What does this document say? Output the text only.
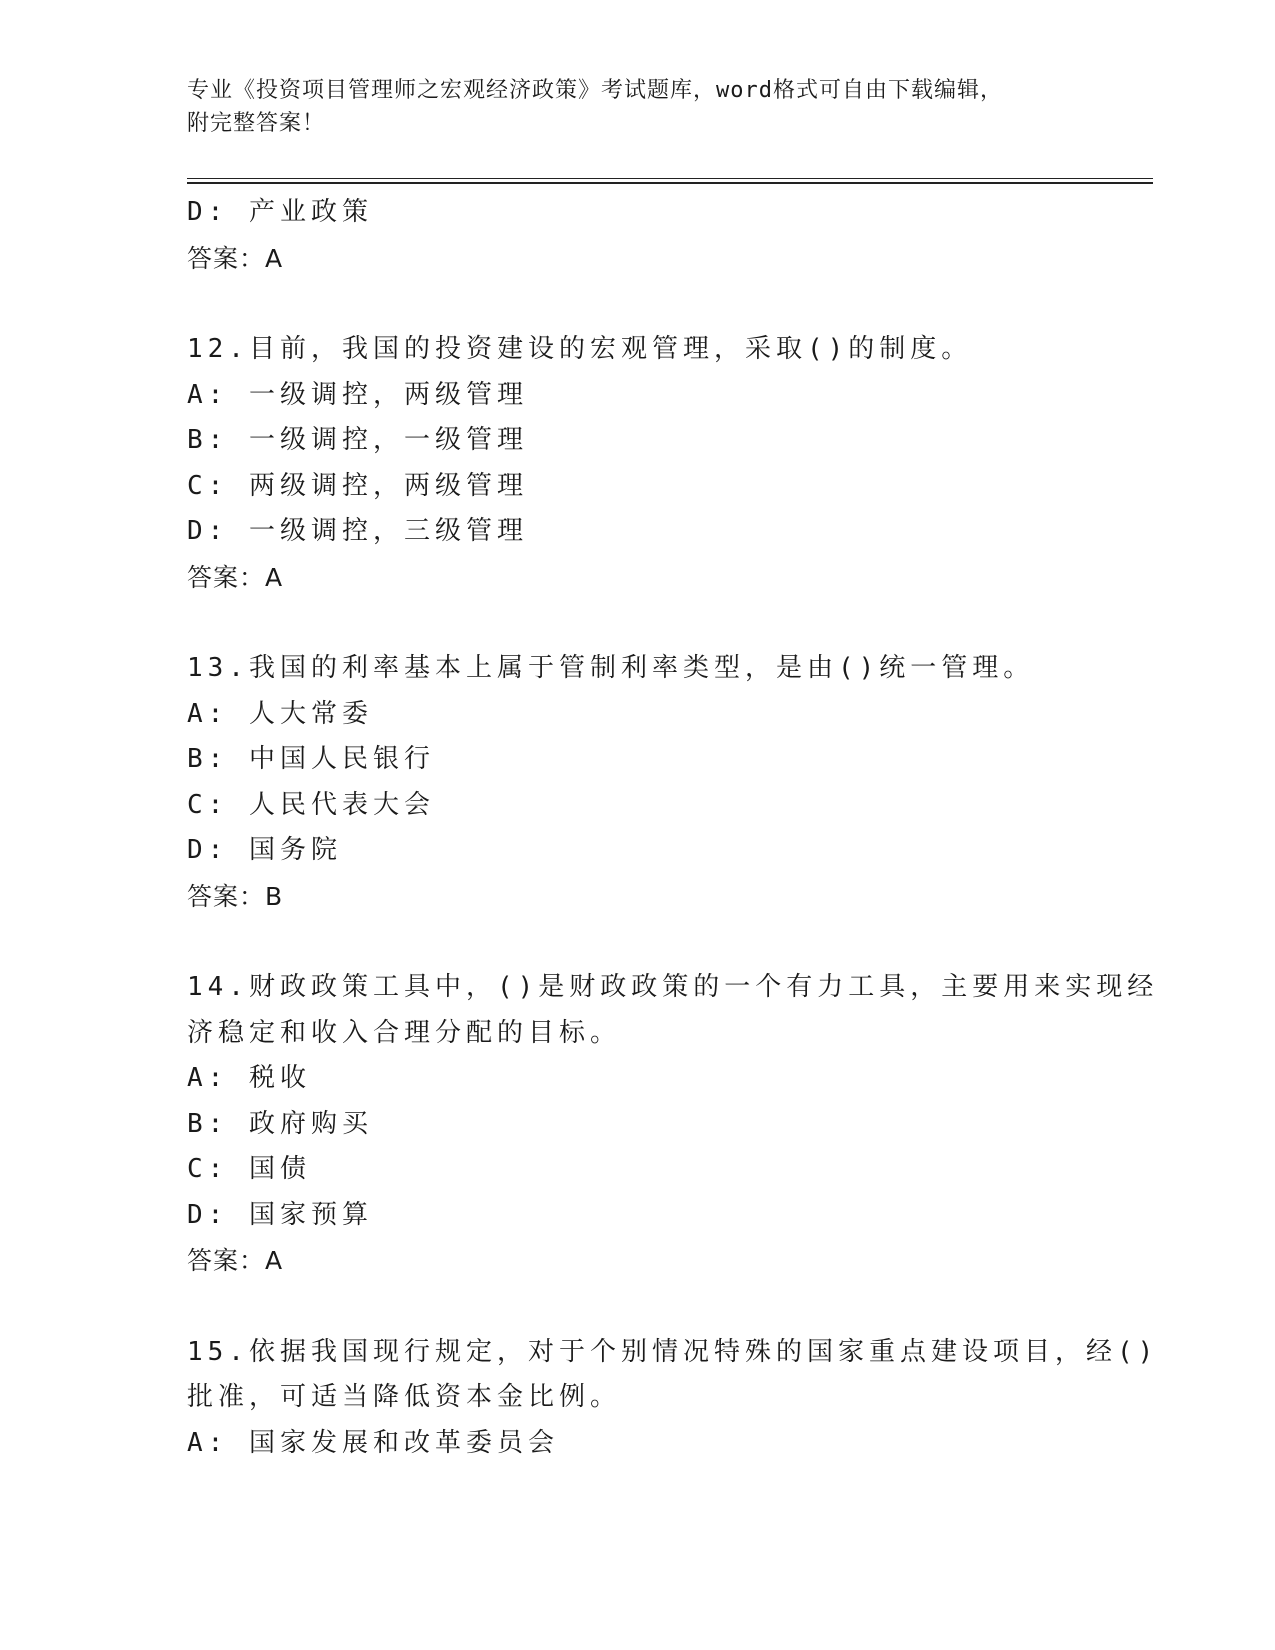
专业《投资项目管理师之宏观经济政策》考试题库，word格式可自由下载编辑，
附完整答案！
D: 产业政策
答案：A
12.目前，我国的投资建设的宏观管理，采取()的制度。
A: 一级调控，两级管理
B: 一级调控，一级管理
C: 两级调控，两级管理
D: 一级调控，三级管理
答案：A
13.我国的利率基本上属于管制利率类型，是由()统一管理。
A: 人大常委
B: 中国人民银行
C: 人民代表大会
D: 国务院
答案：B
14.财政政策工具中，()是财政政策的一个有力工具，主要用来实现经
济稳定和收入合理分配的目标。
A: 税收
B: 政府购买
C: 国债
D: 国家预算
答案：A
15.依据我国现行规定，对于个别情况特殊的国家重点建设项目，经()
批准，可适当降低资本金比例。
A: 国家发展和改革委员会
